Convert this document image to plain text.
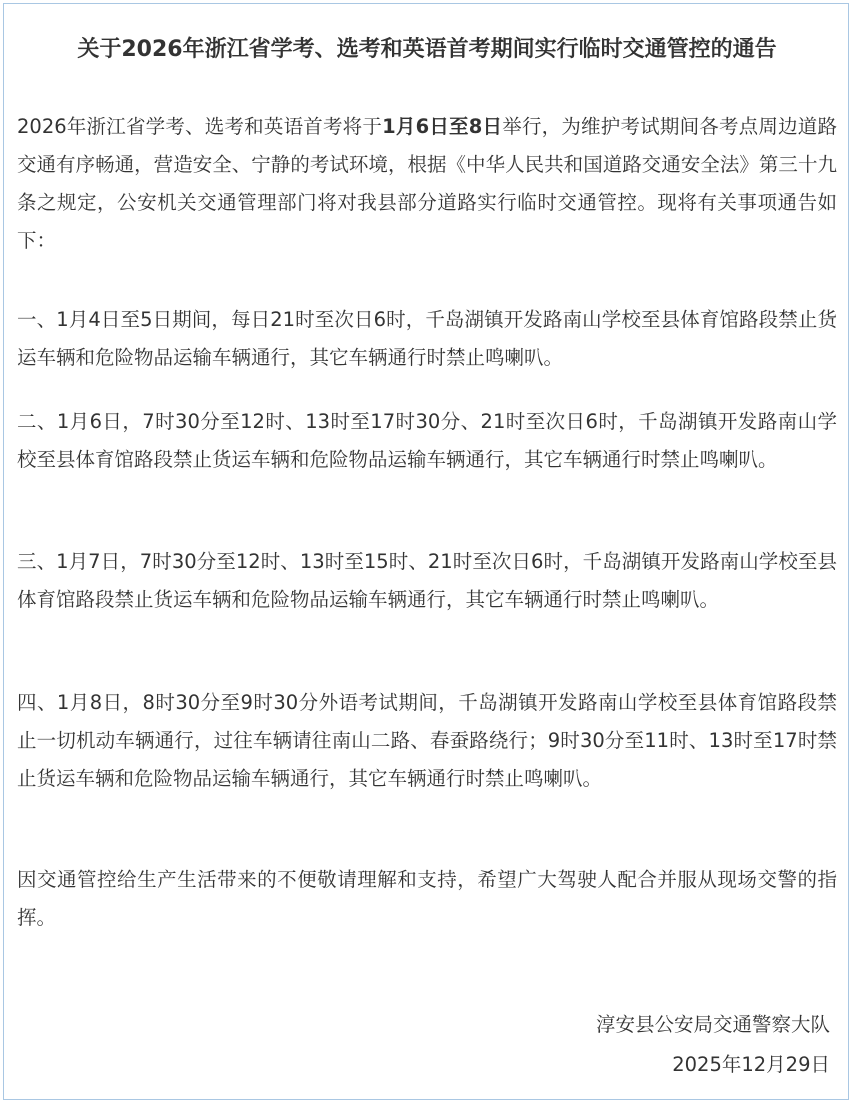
关于2026年浙江省学考、选考和英语首考期间实行临时交通管控的通告

2026年浙江省学考、选考和英语首考将于1月6日至8日举行，为维护考试期间各考点周边道路交通有序畅通，营造安全、宁静的考试环境，根据《中华人民共和国道路交通安全法》第三十九条之规定，公安机关交通管理部门将对我县部分道路实行临时交通管控。现将有关事项通告如下：

一、1月4日至5日期间，每日21时至次日6时，千岛湖镇开发路南山学校至县体育馆路段禁止货运车辆和危险物品运输车辆通行，其它车辆通行时禁止鸣喇叭。

二、1月6日，7时30分至12时、13时至17时30分、21时至次日6时，千岛湖镇开发路南山学校至县体育馆路段禁止货运车辆和危险物品运输车辆通行，其它车辆通行时禁止鸣喇叭。

三、1月7日，7时30分至12时、13时至15时、21时至次日6时，千岛湖镇开发路南山学校至县体育馆路段禁止货运车辆和危险物品运输车辆通行，其它车辆通行时禁止鸣喇叭。

四、1月8日，8时30分至9时30分外语考试期间，千岛湖镇开发路南山学校至县体育馆路段禁止一切机动车辆通行，过往车辆请往南山二路、春蚕路绕行；9时30分至11时、13时至17时禁止货运车辆和危险物品运输车辆通行，其它车辆通行时禁止鸣喇叭。

因交通管控给生产生活带来的不便敬请理解和支持，希望广大驾驶人配合并服从现场交警的指挥。

淳安县公安局交通警察大队
2025年12月29日
